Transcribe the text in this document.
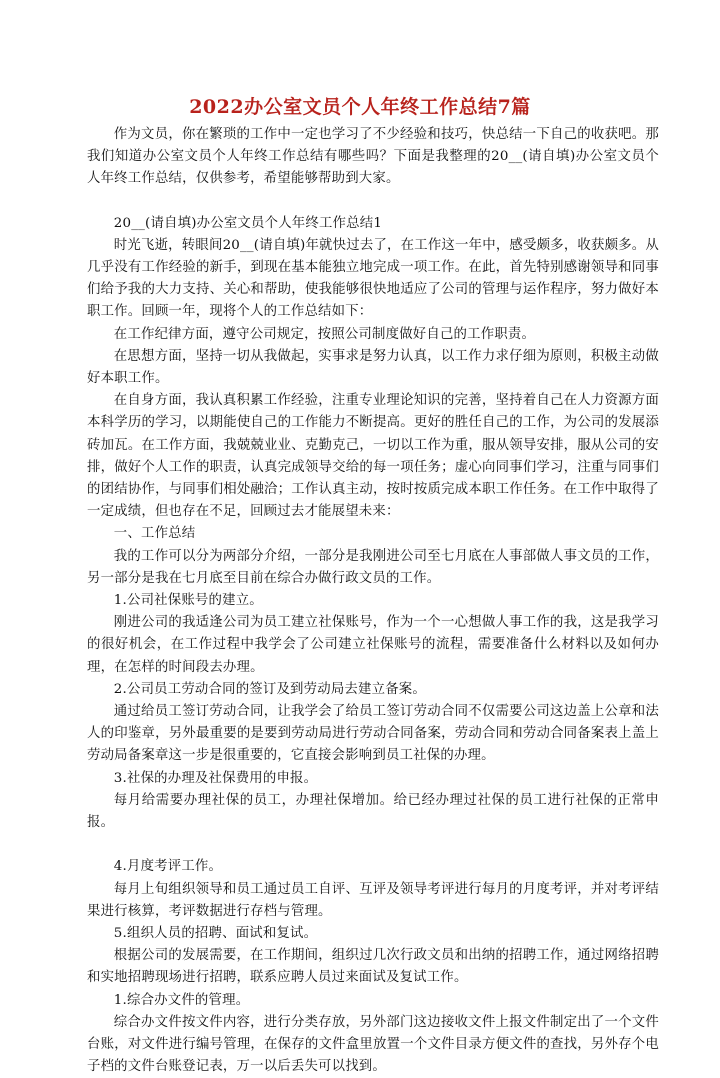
2022办公室文员个人年终工作总结7篇

作为文员，你在繁琐的工作中一定也学习了不少经验和技巧，快总结一下自己的收获吧。那我们知道办公室文员个人年终工作总结有哪些吗？下面是我整理的20__(请自填)办公室文员个人年终工作总结，仅供参考，希望能够帮助到大家。

20__(请自填)办公室文员个人年终工作总结1

时光飞逝，转眼间20__(请自填)年就快过去了，在工作这一年中，感受颇多，收获颇多。从几乎没有工作经验的新手，到现在基本能独立地完成一项工作。在此，首先特别感谢领导和同事们给予我的大力支持、关心和帮助，使我能够很快地适应了公司的管理与运作程序，努力做好本职工作。回顾一年，现将个人的工作总结如下：

在工作纪律方面，遵守公司规定，按照公司制度做好自己的工作职责。

在思想方面，坚持一切从我做起，实事求是努力认真，以工作力求仔细为原则，积极主动做好本职工作。

在自身方面，我认真积累工作经验，注重专业理论知识的完善，坚持着自己在人力资源方面本科学历的学习，以期能使自己的工作能力不断提高。更好的胜任自己的工作，为公司的发展添砖加瓦。在工作方面，我兢兢业业、克勤克己，一切以工作为重，服从领导安排，服从公司的安排，做好个人工作的职责，认真完成领导交给的每一项任务；虚心向同事们学习，注重与同事们的团结协作，与同事们相处融洽；工作认真主动，按时按质完成本职工作任务。在工作中取得了一定成绩，但也存在不足，回顾过去才能展望未来：

一、工作总结

我的工作可以分为两部分介绍，一部分是我刚进公司至七月底在人事部做人事文员的工作，另一部分是我在七月底至目前在综合办做行政文员的工作。

1.公司社保账号的建立。

刚进公司的我适逢公司为员工建立社保账号，作为一个一心想做人事工作的我，这是我学习的很好机会，在工作过程中我学会了公司建立社保账号的流程，需要准备什么材料以及如何办理，在怎样的时间段去办理。

2.公司员工劳动合同的签订及到劳动局去建立备案。

通过给员工签订劳动合同，让我学会了给员工签订劳动合同不仅需要公司这边盖上公章和法人的印鉴章，另外最重要的是要到劳动局进行劳动合同备案，劳动合同和劳动合同备案表上盖上劳动局备案章这一步是很重要的，它直接会影响到员工社保的办理。

3.社保的办理及社保费用的申报。

每月给需要办理社保的员工，办理社保增加。给已经办理过社保的员工进行社保的正常申报。

4.月度考评工作。

每月上旬组织领导和员工通过员工自评、互评及领导考评进行每月的月度考评，并对考评结果进行核算，考评数据进行存档与管理。

5.组织人员的招聘、面试和复试。

根据公司的发展需要，在工作期间，组织过几次行政文员和出纳的招聘工作，通过网络招聘和实地招聘现场进行招聘，联系应聘人员过来面试及复试工作。

1.综合办文件的管理。

综合办文件按文件内容，进行分类存放，另外部门这边接收文件上报文件制定出了一个文件台账，对文件进行编号管理，在保存的文件盒里放置一个文件目录方便文件的查找，另外存个电子档的文件台账登记表，万一以后丢失可以找到。
